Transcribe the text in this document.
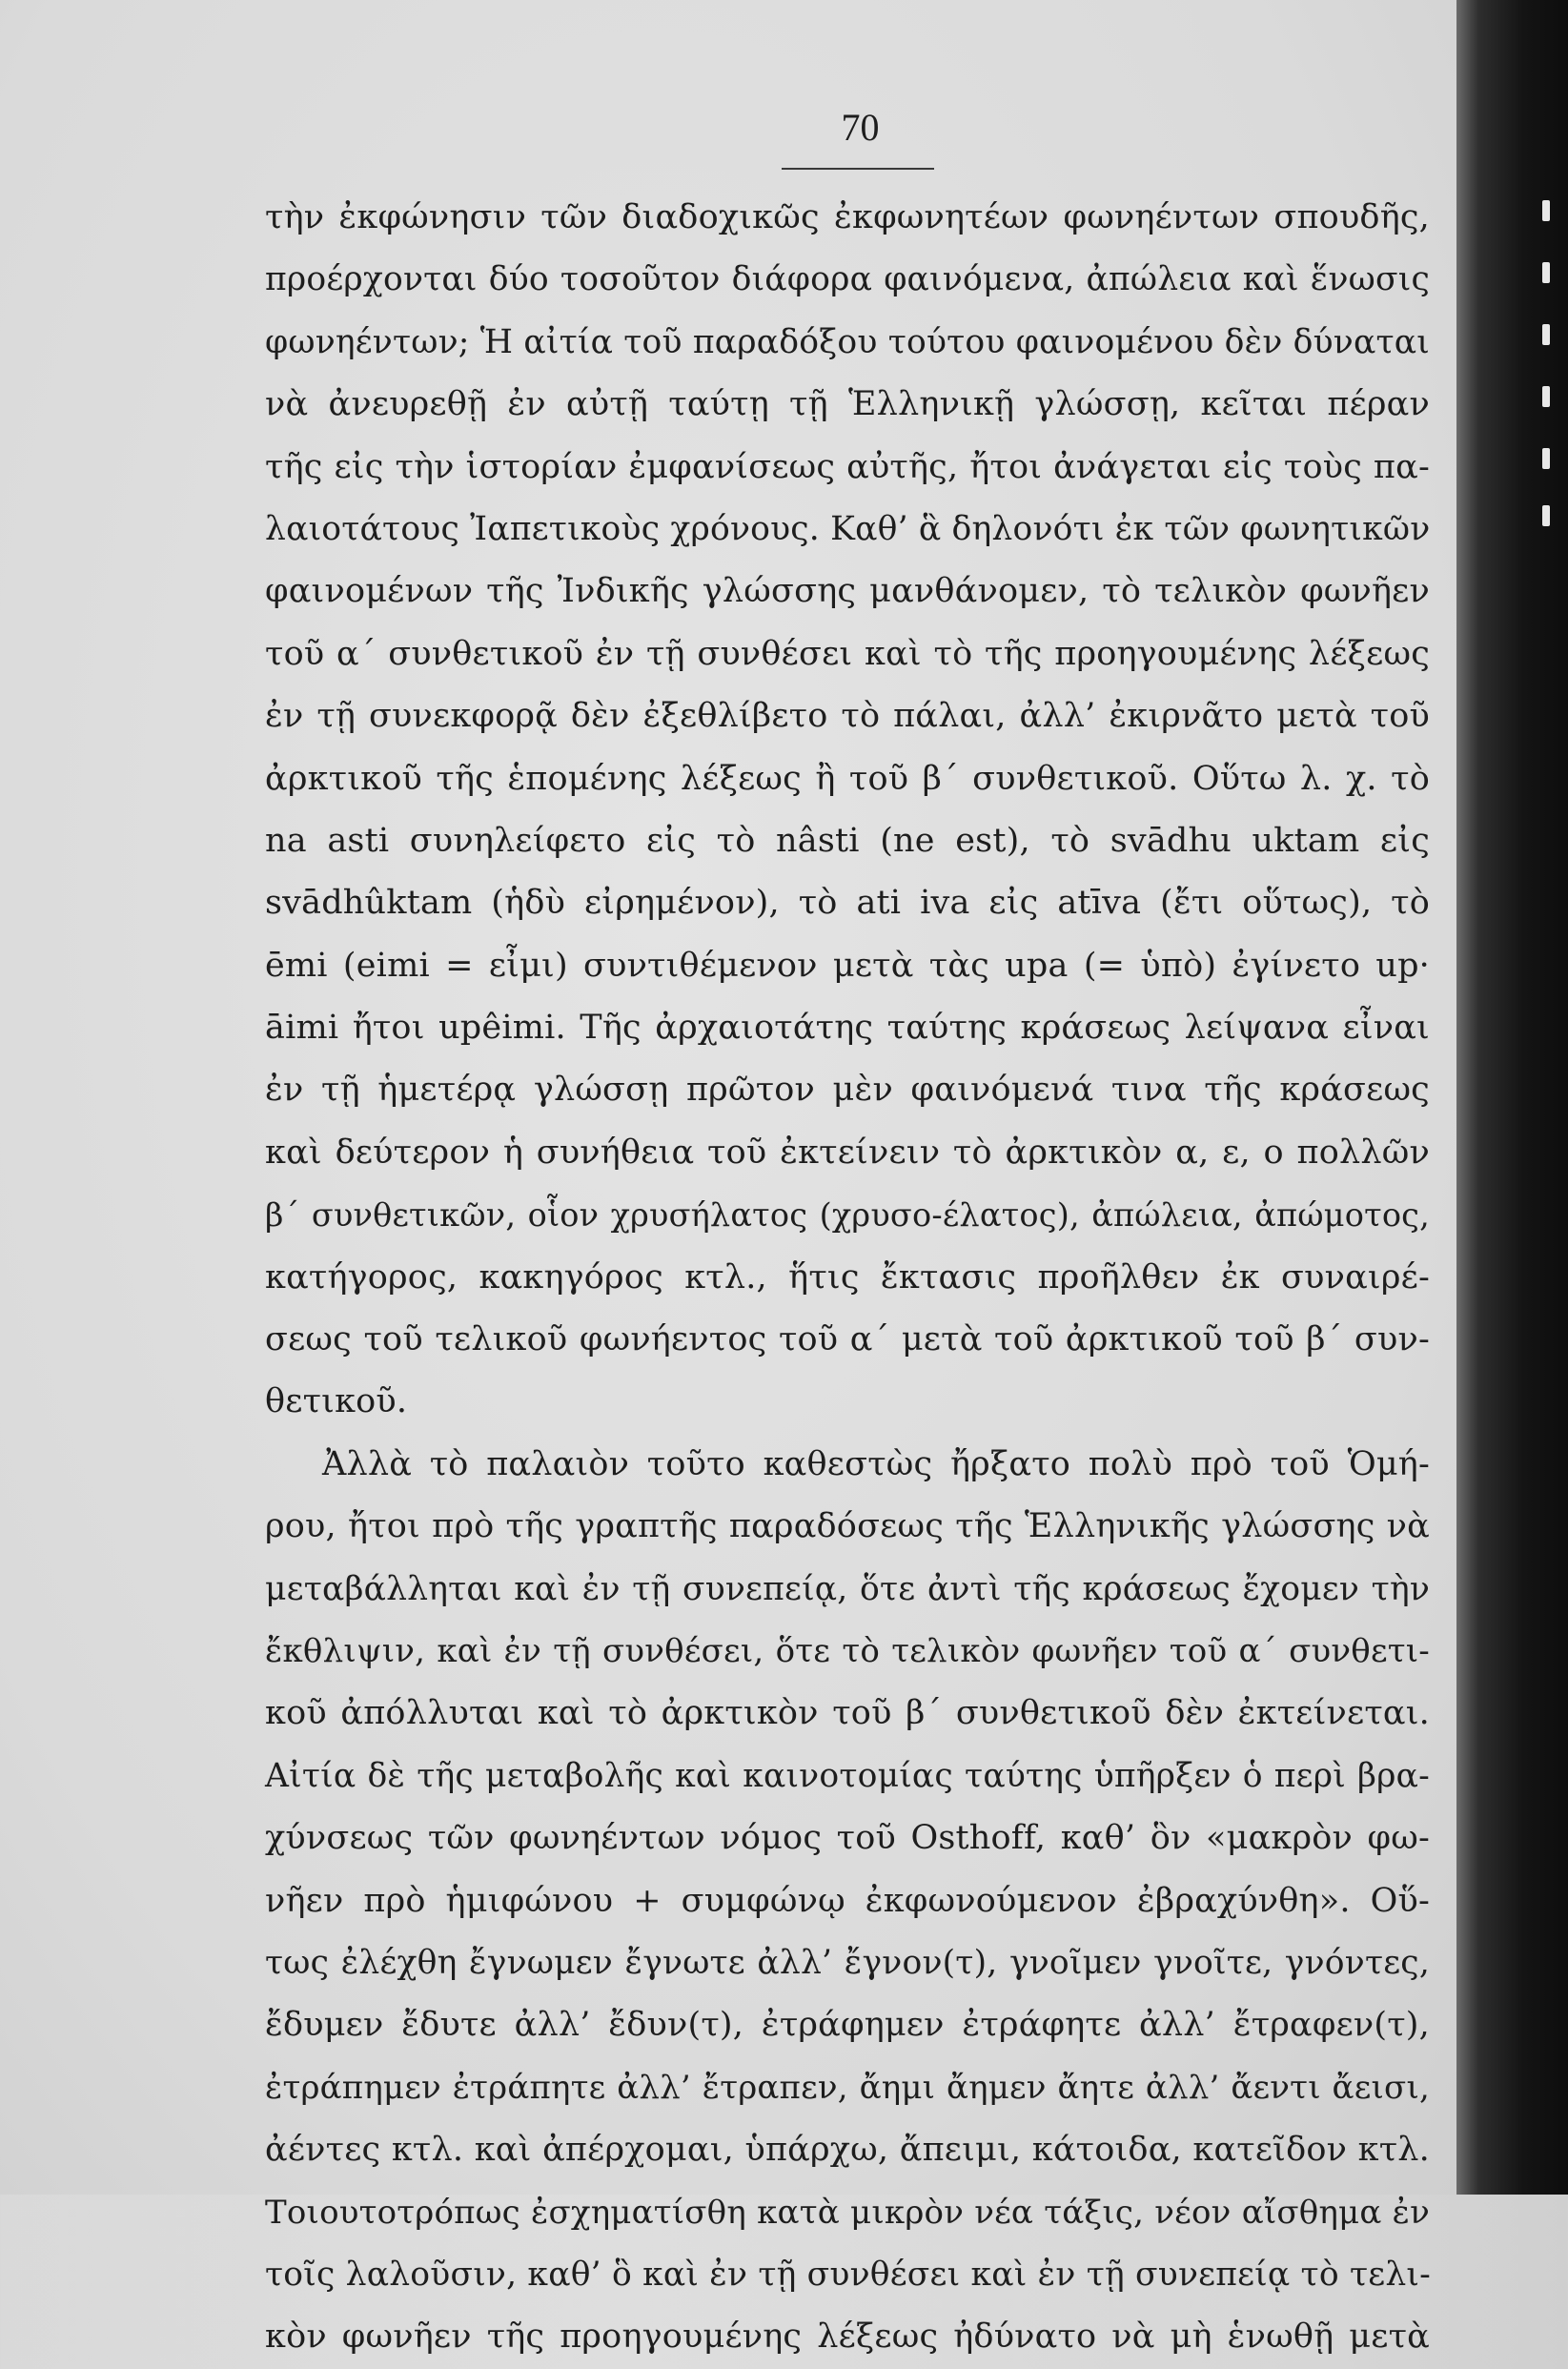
70
τὴν ἐκφώνησιν τῶν διαδοχικῶς ἐκφωνητέων φωνηέντων σπουδῆς,
προέρχονται δύο τοσοῦτον διάφορα φαινόμενα, ἀπώλεια καὶ ἕνωσις
φωνηέντων; Ἡ αἰτία τοῦ παραδόξου τούτου φαινομένου δὲν δύναται
νὰ ἀνευρεθῇ ἐν αὐτῇ ταύτῃ τῇ Ἑλληνικῇ γλώσσῃ, κεῖται πέραν
τῆς εἰς τὴν ἱστορίαν ἐμφανίσεως αὐτῆς, ἤτοι ἀνάγεται εἰς τοὺς πα-
λαιοτάτους Ἰαπετικοὺς χρόνους. Καθ’ ἃ δηλονότι ἐκ τῶν φωνητικῶν
φαινομένων τῆς Ἰνδικῆς γλώσσης μανθάνομεν, τὸ τελικὸν φωνῆεν
τοῦ α΄ συνθετικοῦ ἐν τῇ συνθέσει καὶ τὸ τῆς προηγουμένης λέξεως
ἐν τῇ συνεκφορᾷ δὲν ἐξεθλίβετο τὸ πάλαι, ἀλλ’ ἐκιρνᾶτο μετὰ τοῦ
ἀρκτικοῦ τῆς ἑπομένης λέξεως ἢ τοῦ β΄ συνθετικοῦ. Οὕτω λ. χ. τὸ
na asti συνηλείφετο εἰς τὸ nâsti (ne est), τὸ svādhu uktam εἰς
svādhûktam (ἡδὺ εἰρημένον), τὸ ati iva εἰς atīva (ἔτι οὕτως), τὸ
ēmi (eimi = εἶμι) συντιθέμενον μετὰ τὰς upa (= ὑπὸ) ἐγίνετο up·
āimi ἤτοι upêimi. Τῆς ἀρχαιοτάτης ταύτης κράσεως λείψανα εἶναι
ἐν τῇ ἡμετέρᾳ γλώσσῃ πρῶτον μὲν φαινόμενά τινα τῆς κράσεως
καὶ δεύτερον ἡ συνήθεια τοῦ ἐκτείνειν τὸ ἀρκτικὸν α, ε, ο πολλῶν
β΄ συνθετικῶν, οἷον χρυσήλατος (χρυσο-έλατος), ἀπώλεια, ἀπώμοτος,
κατήγορος, κακηγόρος κτλ., ἥτις ἔκτασις προῆλθεν ἐκ συναιρέ-
σεως τοῦ τελικοῦ φωνήεντος τοῦ α΄ μετὰ τοῦ ἀρκτικοῦ τοῦ β΄ συν-
θετικοῦ.
Ἀλλὰ τὸ παλαιὸν τοῦτο καθεστὼς ἤρξατο πολὺ πρὸ τοῦ Ὁμή-
ρου, ἤτοι πρὸ τῆς γραπτῆς παραδόσεως τῆς Ἑλληνικῆς γλώσσης νὰ
μεταβάλληται καὶ ἐν τῇ συνεπείᾳ, ὅτε ἀντὶ τῆς κράσεως ἔχομεν τὴν
ἔκθλιψιν, καὶ ἐν τῇ συνθέσει, ὅτε τὸ τελικὸν φωνῆεν τοῦ α΄ συνθετι-
κοῦ ἀπόλλυται καὶ τὸ ἀρκτικὸν τοῦ β΄ συνθετικοῦ δὲν ἐκτείνεται.
Αἰτία δὲ τῆς μεταβολῆς καὶ καινοτομίας ταύτης ὑπῆρξεν ὁ περὶ βρα-
χύνσεως τῶν φωνηέντων νόμος τοῦ Osthoff, καθ’ ὃν «μακρὸν φω-
νῆεν πρὸ ἡμιφώνου + συμφώνῳ ἐκφωνούμενον ἐβραχύνθη». Οὕ-
τως ἐλέχθη ἔγνωμεν ἔγνωτε ἀλλ’ ἔγνον(τ), γνοῖμεν γνοῖτε, γνόντες,
ἔδυμεν ἔδυτε ἀλλ’ ἔδυν(τ), ἐτράφημεν ἐτράφητε ἀλλ’ ἔτραφεν(τ),
ἐτράπημεν ἐτράπητε ἀλλ’ ἔτραπεν, ἄημι ἄημεν ἄητε ἀλλ’ ἄεντι ἄεισι,
ἀέντες κτλ. καὶ ἀπέρχομαι, ὑπάρχω, ἄπειμι, κάτοιδα, κατεῖδον κτλ.
Τοιουτοτρόπως ἐσχηματίσθη κατὰ μικρὸν νέα τάξις, νέον αἴσθημα ἐν
τοῖς λαλοῦσιν, καθ’ ὃ καὶ ἐν τῇ συνθέσει καὶ ἐν τῇ συνεπείᾳ τὸ τελι-
κὸν φωνῆεν τῆς προηγουμένης λέξεως ἠδύνατο νὰ μὴ ἑνωθῇ μετὰ
